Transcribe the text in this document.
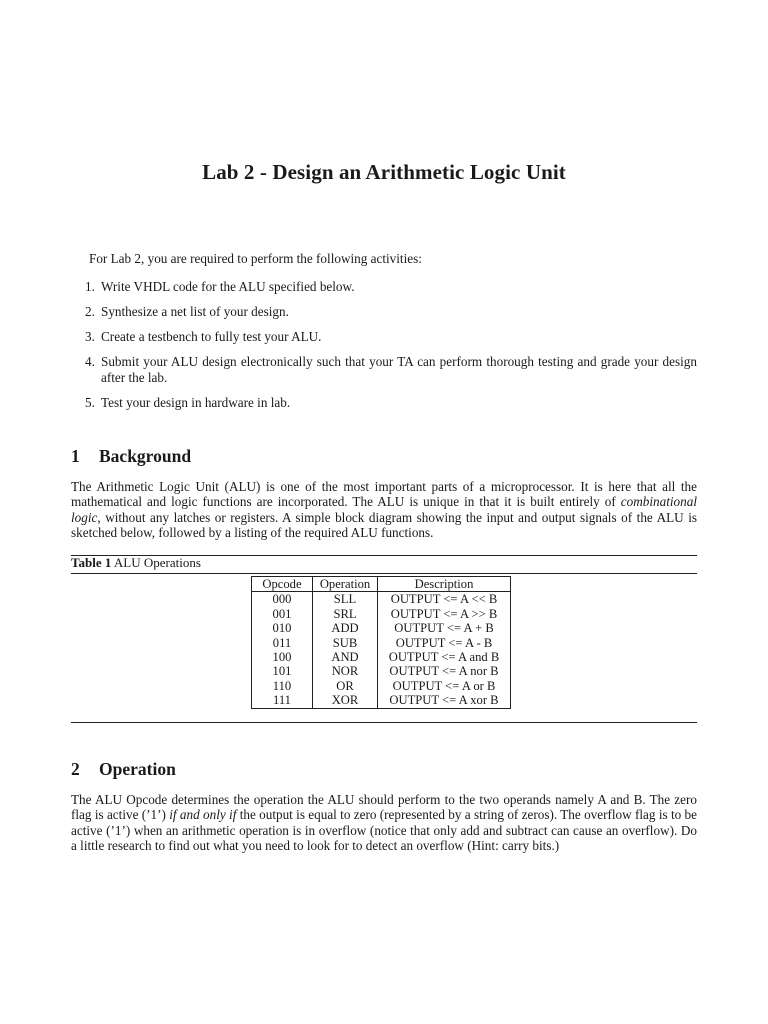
Lab 2 - Design an Arithmetic Logic Unit

For Lab 2, you are required to perform the following activities:

1. Write VHDL code for the ALU specified below.
2. Synthesize a net list of your design.
3. Create a testbench to fully test your ALU.
4. Submit your ALU design electronically such that your TA can perform thorough testing and grade your design after the lab.
5. Test your design in hardware in lab.
1 Background

The Arithmetic Logic Unit (ALU) is one of the most important parts of a microprocessor. It is here that all the mathematical and logic functions are incorporated. The ALU is unique in that it is built entirely of combinational logic, without any latches or registers. A simple block diagram showing the input and output signals of the ALU is sketched below, followed by a listing of the required ALU functions.

Table 1 ALU Operations

Opcode	Operation	Description
000	SLL	OUTPUT <= A << B
001	SRL	OUTPUT <= A >> B
010	ADD	OUTPUT <= A + B
011	SUB	OUTPUT <= A - B
100	AND	OUTPUT <= A and B
101	NOR	OUTPUT <= A nor B
110	OR	OUTPUT <= A or B
111	XOR	OUTPUT <= A xor B
2 Operation

The ALU Opcode determines the operation the ALU should perform to the two operands namely A and B. The zero flag is active (’1’) if and only if the output is equal to zero (represented by a string of zeros). The overflow flag is to be active (’1’) when an arithmetic operation is in overflow (notice that only add and subtract can cause an overflow). Do a little research to find out what you need to look for to detect an overflow (Hint: carry bits.)
